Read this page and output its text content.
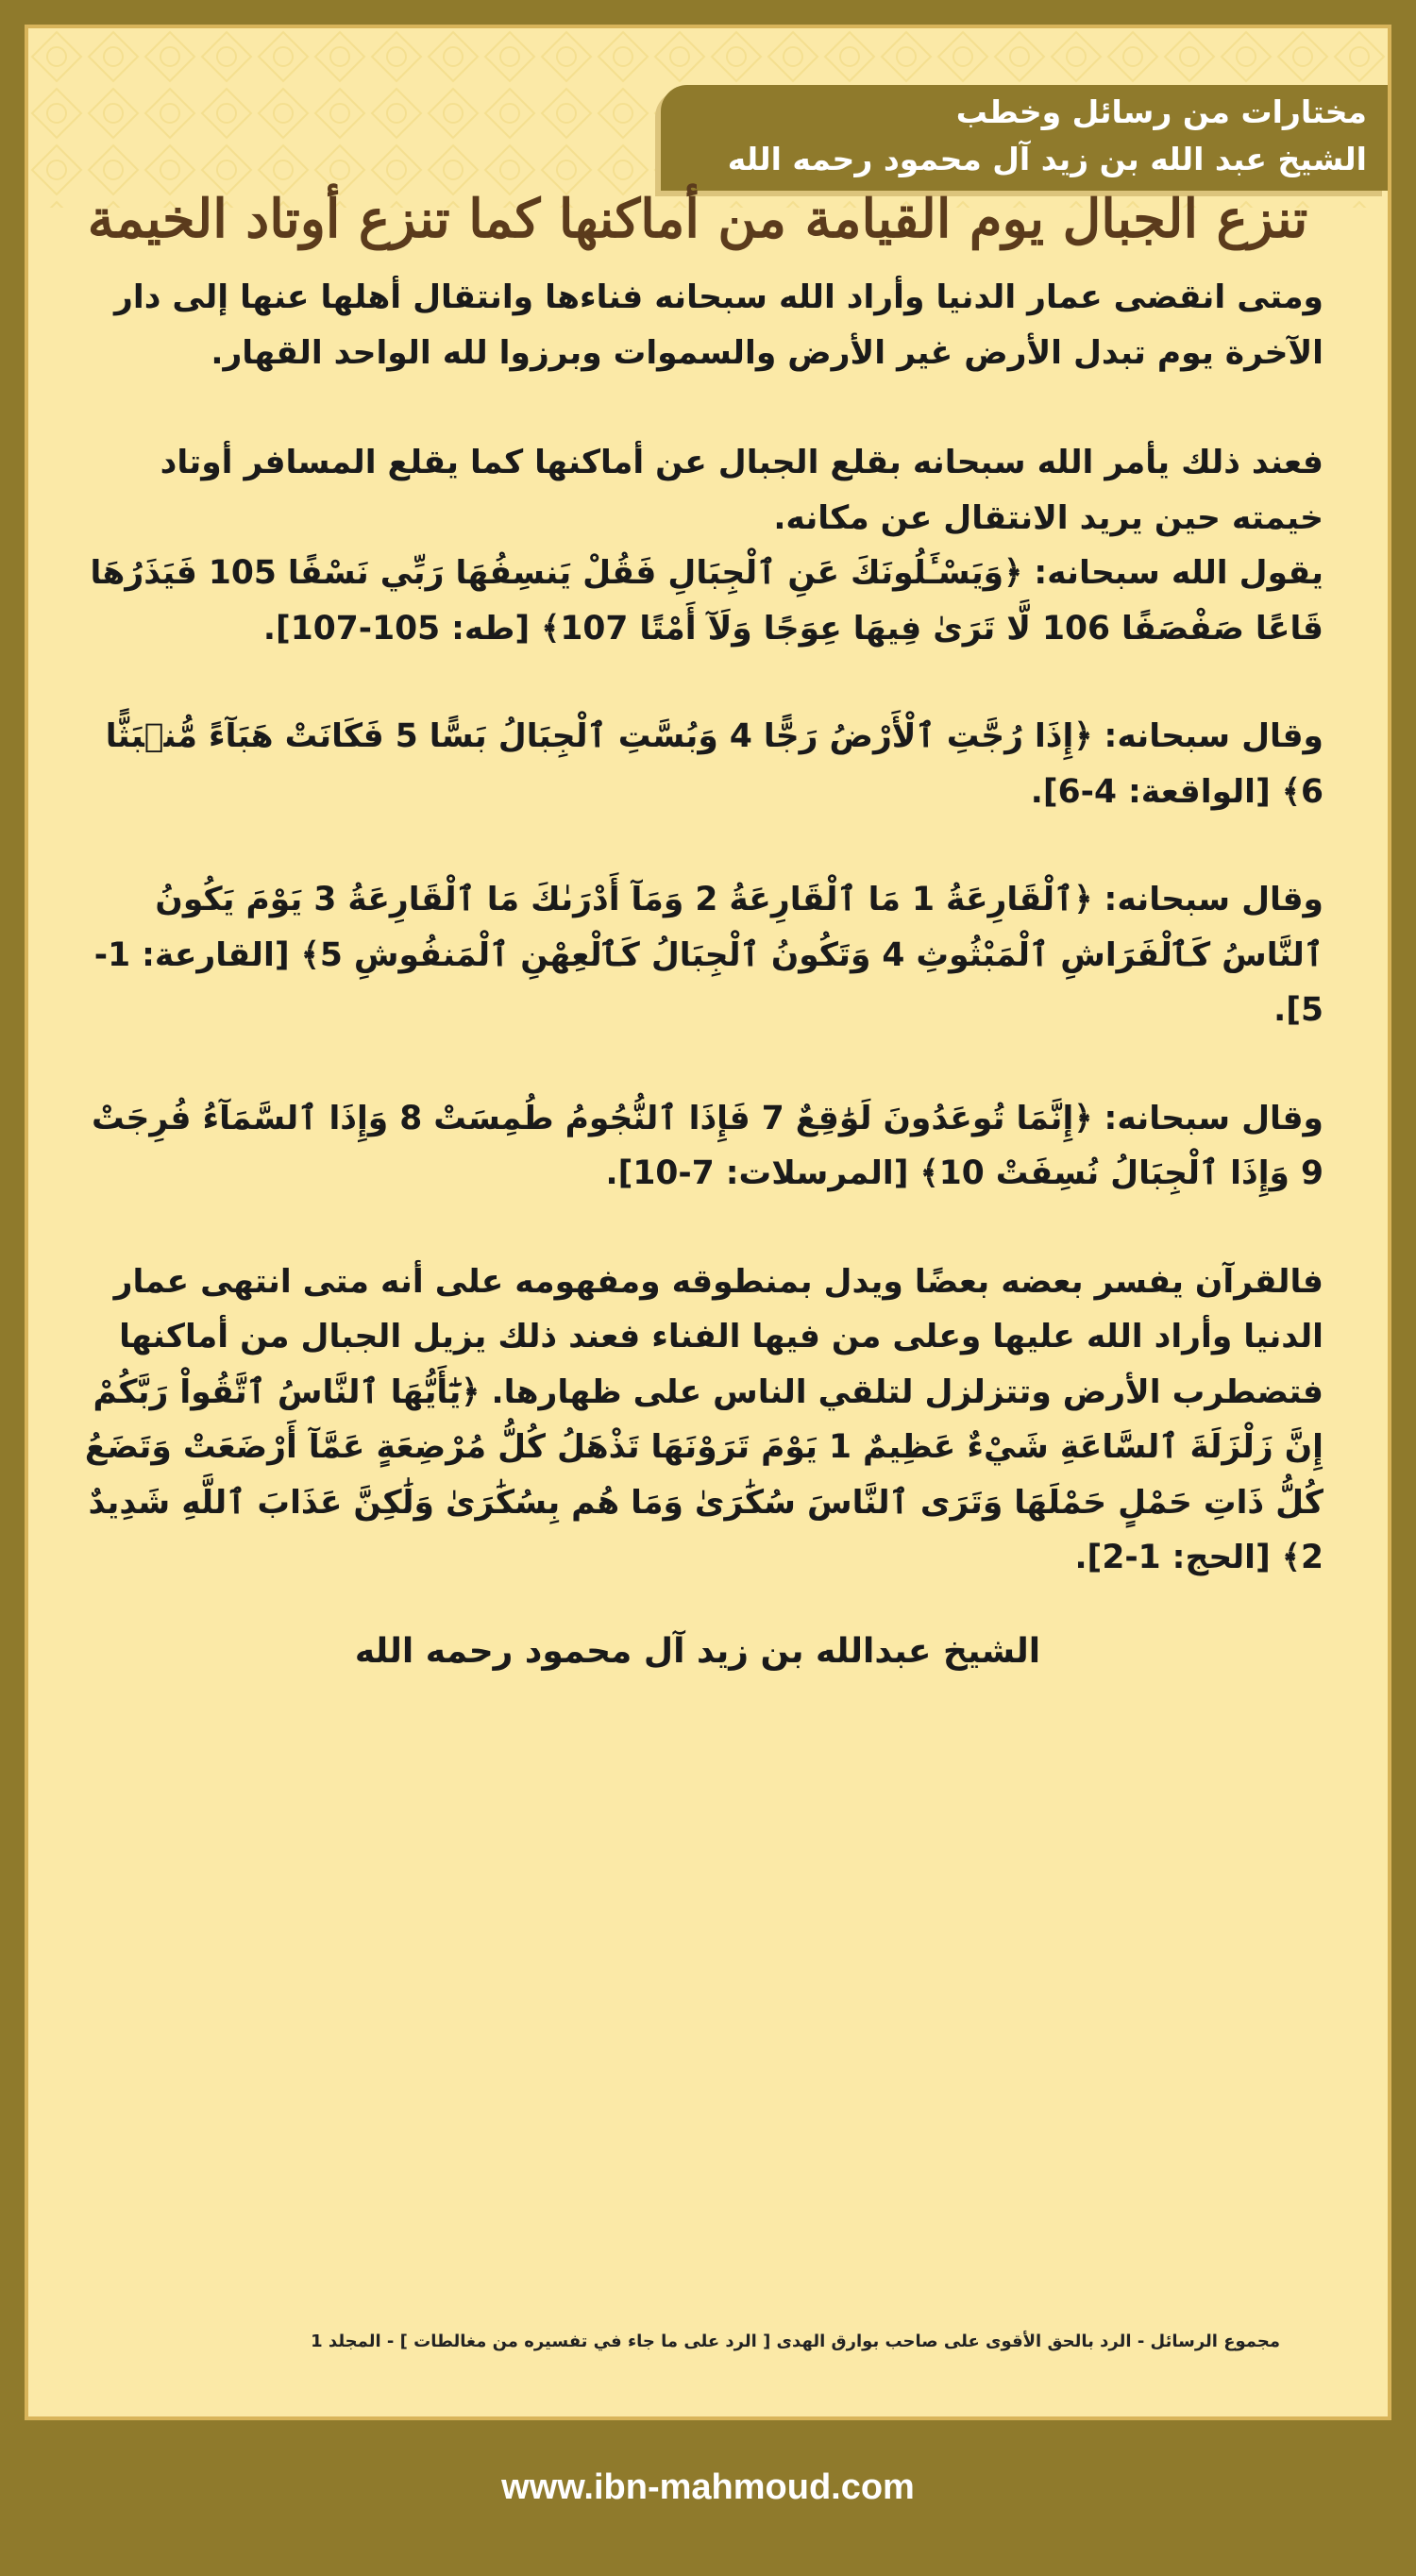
مختارات من رسائل وخطب
الشيخ عبد الله بن زيد آل محمود رحمه الله
تنزع الجبال يوم القيامة من أماكنها كما تنزع أوتاد الخيمة

ومتى انقضى عمار الدنيا وأراد الله سبحانه فناءها وانتقال أهلها عنها إلى دار الآخرة يوم تبدل الأرض غير الأرض والسموات وبرزوا لله الواحد القهار.

فعند ذلك يأمر الله سبحانه بقلع الجبال عن أماكنها كما يقلع المسافر أوتاد خيمته حين يريد الانتقال عن مكانه.

يقول الله سبحانه: ﴿وَيَسْـَٔلُونَكَ عَنِ ٱلْجِبَالِ فَقُلْ يَنسِفُهَا رَبِّي نَسْفًا 105 فَيَذَرُهَا قَاعًا صَفْصَفًا 106 لَّا تَرَىٰ فِيهَا عِوَجًا وَلَآ أَمْتًا 107﴾ [طه: 105-107].

وقال سبحانه: ﴿إِذَا رُجَّتِ ٱلْأَرْضُ رَجًّا 4 وَبُسَّتِ ٱلْجِبَالُ بَسًّا 5 فَكَانَتْ هَبَآءً مُّنۢبَثًّا 6﴾ [الواقعة: 4-6].

وقال سبحانه: ﴿ٱلْقَارِعَةُ 1 مَا ٱلْقَارِعَةُ 2 وَمَآ أَدْرَىٰكَ مَا ٱلْقَارِعَةُ 3 يَوْمَ يَكُونُ ٱلنَّاسُ كَٱلْفَرَاشِ ٱلْمَبْثُوثِ 4 وَتَكُونُ ٱلْجِبَالُ كَٱلْعِهْنِ ٱلْمَنفُوشِ 5﴾ [القارعة: 1-5].

وقال سبحانه: ﴿إِنَّمَا تُوعَدُونَ لَوَٰقِعٌ 7 فَإِذَا ٱلنُّجُومُ طُمِسَتْ 8 وَإِذَا ٱلسَّمَآءُ فُرِجَتْ 9 وَإِذَا ٱلْجِبَالُ نُسِفَتْ 10﴾ [المرسلات: 7-10].

فالقرآن يفسر بعضه بعضًا ويدل بمنطوقه ومفهومه على أنه متى انتهى عمار الدنيا وأراد الله عليها وعلى من فيها الفناء فعند ذلك يزيل الجبال من أماكنها فتضطرب الأرض وتتزلزل لتلقي الناس على ظهارها. ﴿يَٰٓأَيُّهَا ٱلنَّاسُ ٱتَّقُواْ رَبَّكُمْ إِنَّ زَلْزَلَةَ ٱلسَّاعَةِ شَيْءٌ عَظِيمٌ 1 يَوْمَ تَرَوْنَهَا تَذْهَلُ كُلُّ مُرْضِعَةٍ عَمَّآ أَرْضَعَتْ وَتَضَعُ كُلُّ ذَاتِ حَمْلٍ حَمْلَهَا وَتَرَى ٱلنَّاسَ سُكَٰرَىٰ وَمَا هُم بِسُكَٰرَىٰ وَلَٰكِنَّ عَذَابَ ٱللَّهِ شَدِيدٌ 2﴾ [الحج: 1-2].

الشيخ عبدالله بن زيد آل محمود رحمه الله
مجموع الرسائل - الرد بالحق الأقوى على صاحب بوارق الهدى [ الرد على ما جاء في تفسيره من مغالطات ] - المجلد 1
www.ibn-mahmoud.com
